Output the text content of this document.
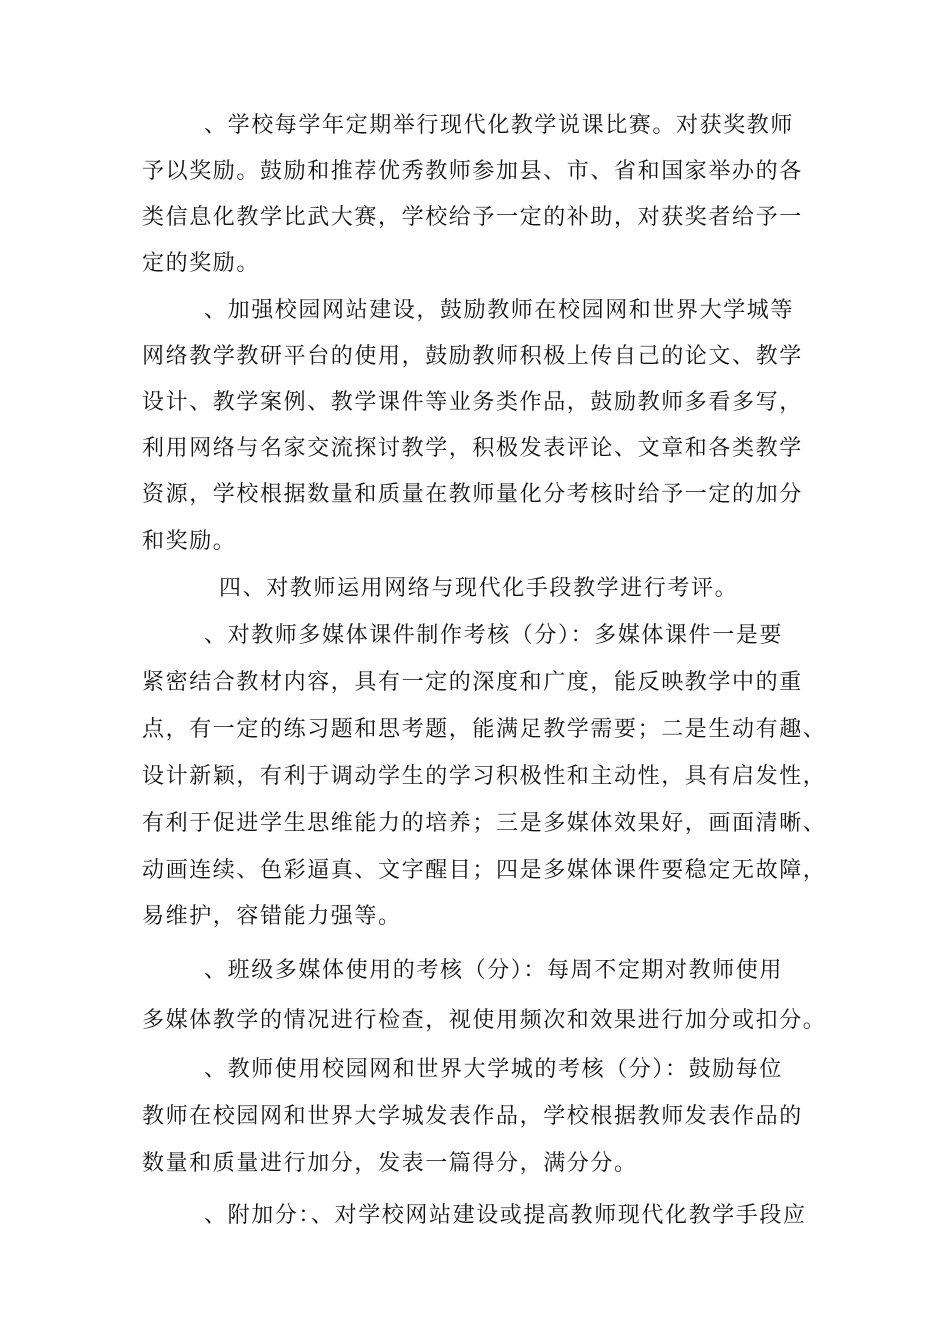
、学校每学年定期举行现代化教学说课比赛。对获奖教师
予以奖励。鼓励和推荐优秀教师参加县、市、省和国家举办的各
类信息化教学比武大赛，学校给予一定的补助，对获奖者给予一
定的奖励。
、加强校园网站建设，鼓励教师在校园网和世界大学城等
网络教学教研平台的使用，鼓励教师积极上传自己的论文、教学
设计、教学案例、教学课件等业务类作品，鼓励教师多看多写，
利用网络与名家交流探讨教学，积极发表评论、文章和各类教学
资源，学校根据数量和质量在教师量化分考核时给予一定的加分
和奖励。
四、对教师运用网络与现代化手段教学进行考评。
、对教师多媒体课件制作考核（分）：多媒体课件一是要
紧密结合教材内容，具有一定的深度和广度，能反映教学中的重
点，有一定的练习题和思考题，能满足教学需要；二是生动有趣、
设计新颖，有利于调动学生的学习积极性和主动性，具有启发性，
有利于促进学生思维能力的培养；三是多媒体效果好，画面清晰、
动画连续、色彩逼真、文字醒目；四是多媒体课件要稳定无故障，
易维护，容错能力强等。
、班级多媒体使用的考核（分）：每周不定期对教师使用
多媒体教学的情况进行检查，视使用频次和效果进行加分或扣分。
、教师使用校园网和世界大学城的考核（分）：鼓励每位
教师在校园网和世界大学城发表作品，学校根据教师发表作品的
数量和质量进行加分，发表一篇得分，满分分。
、附加分：、对学校网站建设或提高教师现代化教学手段应
